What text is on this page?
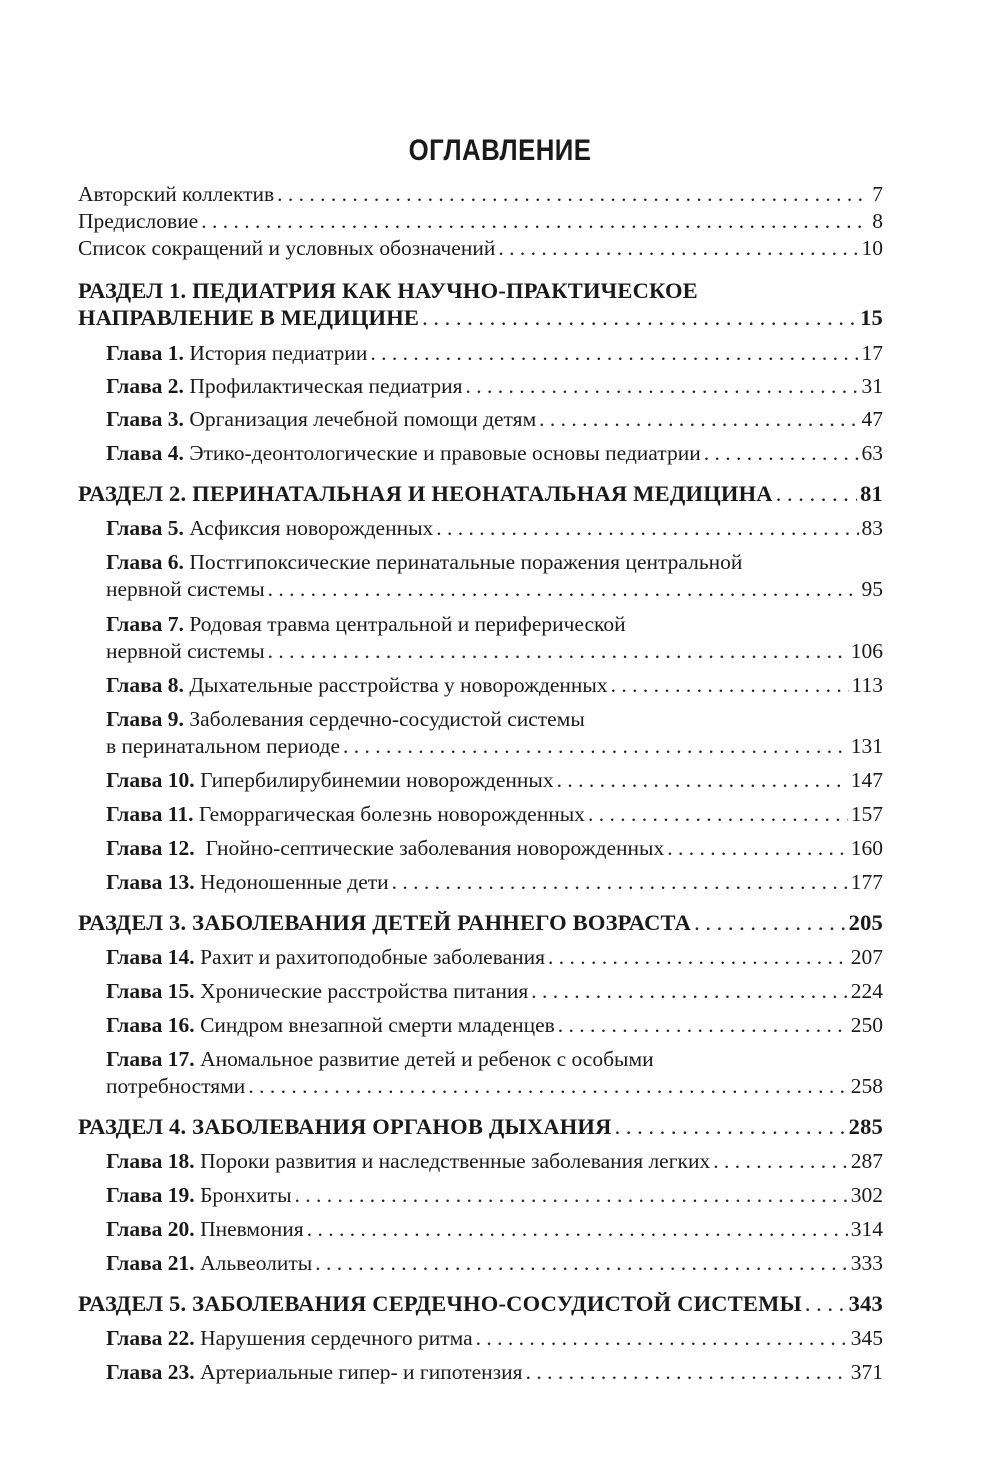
ОГЛАВЛЕНИЕ
Авторский коллектив . . .	7
Предисловие . . .	8
Список сокращений и условных обозначений . . .	10
РАЗДЕЛ 1. ПЕДИАТРИЯ КАК НАУЧНО-ПРАКТИЧЕСКОЕ
НАПРАВЛЕНИЕ В МЕДИЦИНЕ . . .	15
Глава 1. История педиатрии . . .	17
Глава 2. Профилактическая педиатрия . . .	31
Глава 3. Организация лечебной помощи детям . . .	47
Глава 4. Этико-деонтологические и правовые основы педиатрии . . .	63
РАЗДЕЛ 2. ПЕРИНАТАЛЬНАЯ И НЕОНАТАЛЬНАЯ МЕДИЦИНА . . .	81
Глава 5. Асфиксия новорожденных . . .	83
Глава 6. Постгипоксические перинатальные поражения центральной
нервной системы . . .	95
Глава 7. Родовая травма центральной и периферической
нервной системы . . .	106
Глава 8. Дыхательные расстройства у новорожденных . . .	113
Глава 9. Заболевания сердечно-сосудистой системы
в перинатальном периоде . . .	131
Глава 10. Гипербилирубинемии новорожденных . . .	147
Глава 11. Геморрагическая болезнь новорожденных . . .	157
Глава 12. Гнойно-септические заболевания новорожденных . . .	160
Глава 13. Недоношенные дети . . .	177
РАЗДЕЛ 3. ЗАБОЛЕВАНИЯ ДЕТЕЙ РАННЕГО ВОЗРАСТА . . .	205
Глава 14. Рахит и рахитоподобные заболевания . . .	207
Глава 15. Хронические расстройства питания . . .	224
Глава 16. Синдром внезапной смерти младенцев . . .	250
Глава 17. Аномальное развитие детей и ребенок с особыми
потребностями . . .	258
РАЗДЕЛ 4. ЗАБОЛЕВАНИЯ ОРГАНОВ ДЫХАНИЯ . . .	285
Глава 18. Пороки развития и наследственные заболевания легких . . .	287
Глава 19. Бронхиты . . .	302
Глава 20. Пневмония . . .	314
Глава 21. Альвеолиты . . .	333
РАЗДЕЛ 5. ЗАБОЛЕВАНИЯ СЕРДЕЧНО-СОСУДИСТОЙ СИСТЕМЫ . . . 343
Глава 22. Нарушения сердечного ритма . . .	345
Глава 23. Артериальные гипер- и гипотензия . . .	371
